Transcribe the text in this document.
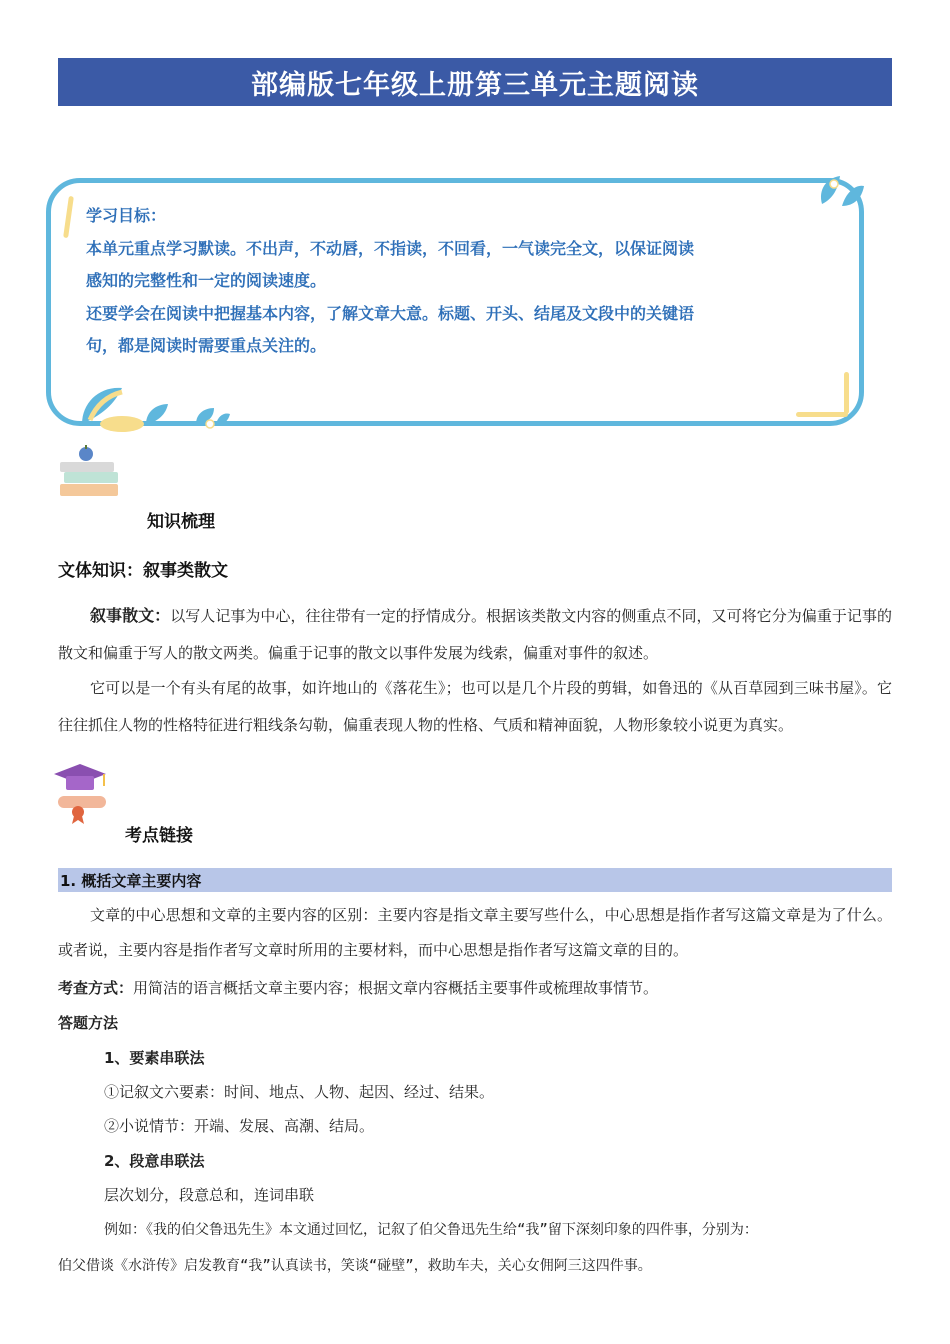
部编版七年级上册第三单元主题阅读

学习目标：

本单元重点学习默读。不出声，不动唇，不指读，不回看，一气读完全文，以保证阅读

感知的完整性和一定的阅读速度。

还要学会在阅读中把握基本内容，了解文章大意。标题、开头、结尾及文段中的关键语

句，都是阅读时需要重点关注的。

知识梳理
文体知识：叙事类散文

叙事散文：以写人记事为中心，往往带有一定的抒情成分。根据该类散文内容的侧重点不同，又可将它分为偏重于记事的散文和偏重于写人的散文两类。偏重于记事的散文以事件发展为线索，偏重对事件的叙述。

它可以是一个有头有尾的故事，如许地山的《落花生》；也可以是几个片段的剪辑，如鲁迅的《从百草园到三味书屋》。它往往抓住人物的性格特征进行粗线条勾勒，偏重表现人物的性格、气质和精神面貌，人物形象较小说更为真实。

考点链接
1. 概括文章主要内容

文章的中心思想和文章的主要内容的区别：主要内容是指文章主要写些什么，中心思想是指作者写这篇文章是为了什么。或者说，主要内容是指作者写文章时所用的主要材料，而中心思想是指作者写这篇文章的目的。

考查方式：用简洁的语言概括文章主要内容；根据文章内容概括主要事件或梳理故事情节。
答题方法
1、要素串联法
①记叙文六要素：时间、地点、人物、起因、经过、结果。
②小说情节：开端、发展、高潮、结局。
2、段意串联法
层次划分，段意总和，连词串联
例如：《我的伯父鲁迅先生》本文通过回忆，记叙了伯父鲁迅先生给“我”留下深刻印象的四件事，分别为：
伯父借谈《水浒传》启发教育“我”认真读书，笑谈“碰壁”，救助车夫，关心女佣阿三这四件事。
